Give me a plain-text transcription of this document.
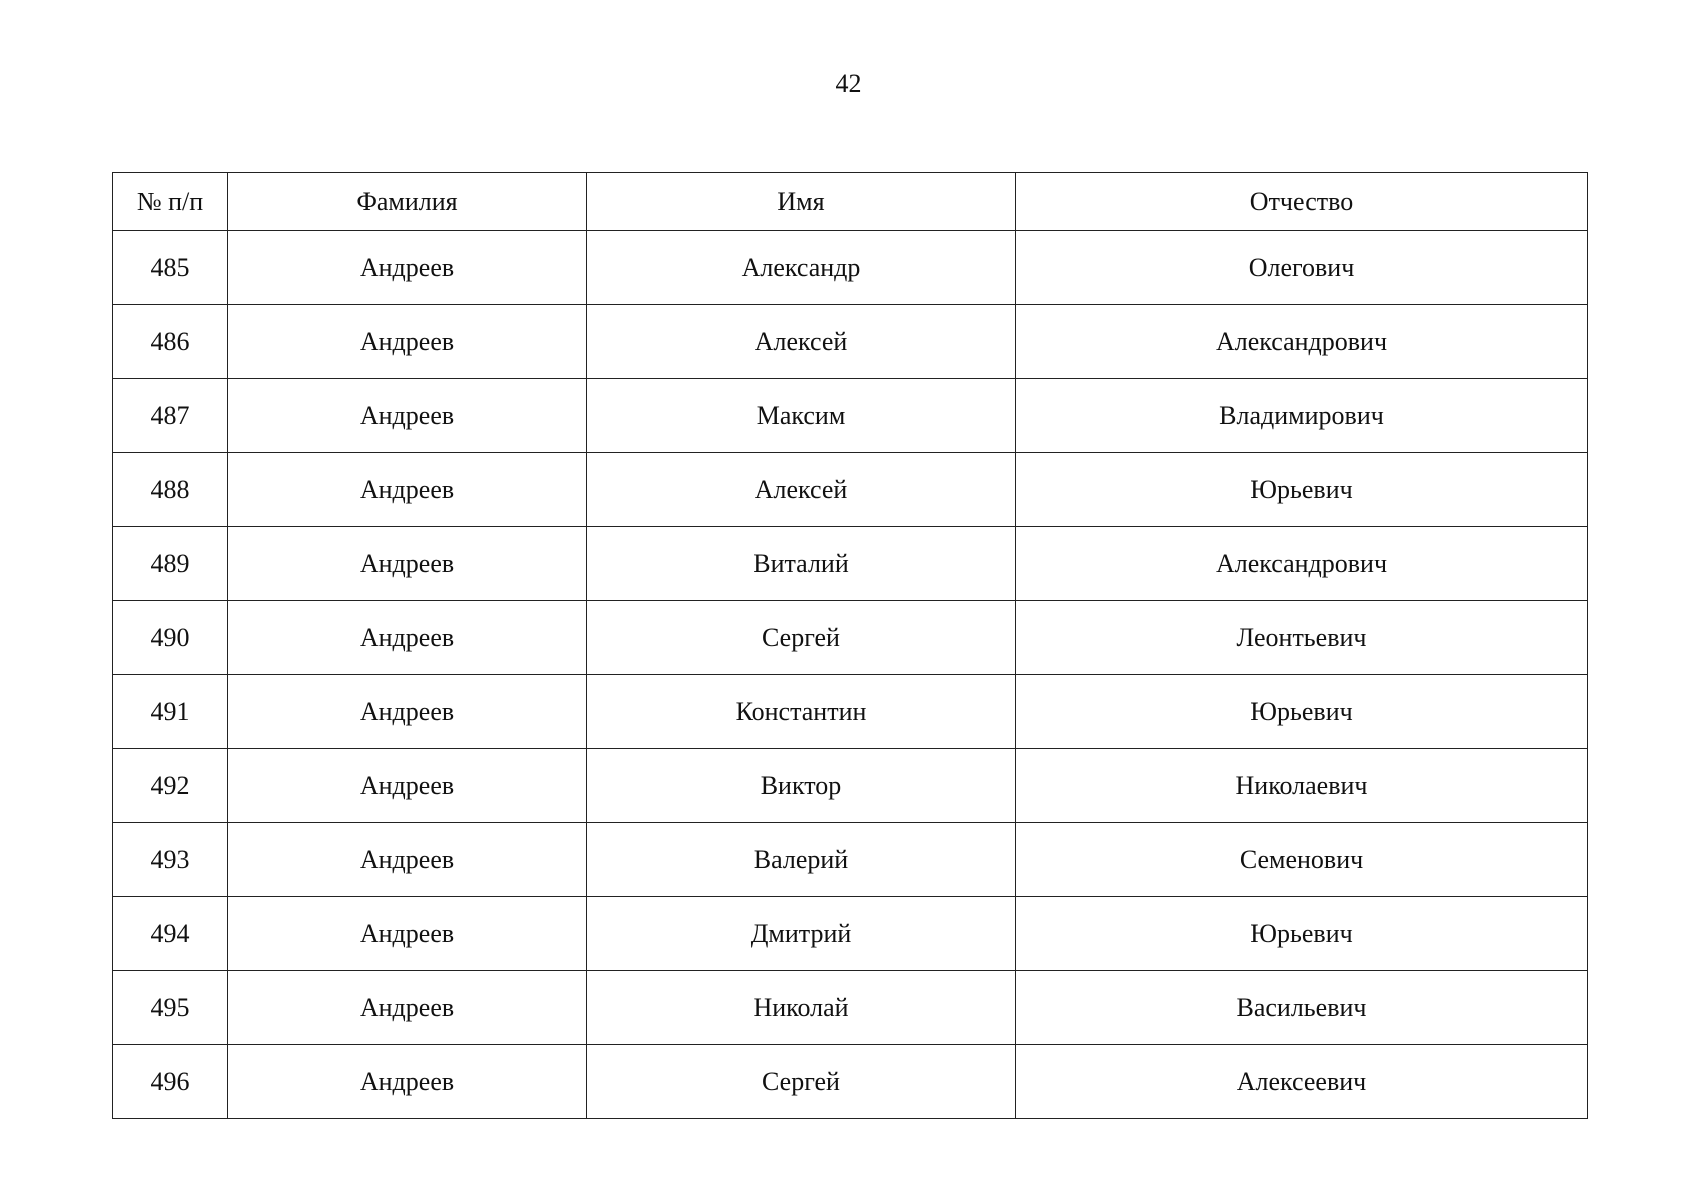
42
№ п/п	Фамилия	Имя	Отчество
485	Андреев	Александр	Олегович
486	Андреев	Алексей	Александрович
487	Андреев	Максим	Владимирович
488	Андреев	Алексей	Юрьевич
489	Андреев	Виталий	Александрович
490	Андреев	Сергей	Леонтьевич
491	Андреев	Константин	Юрьевич
492	Андреев	Виктор	Николаевич
493	Андреев	Валерий	Семенович
494	Андреев	Дмитрий	Юрьевич
495	Андреев	Николай	Васильевич
496	Андреев	Сергей	Алексеевич
